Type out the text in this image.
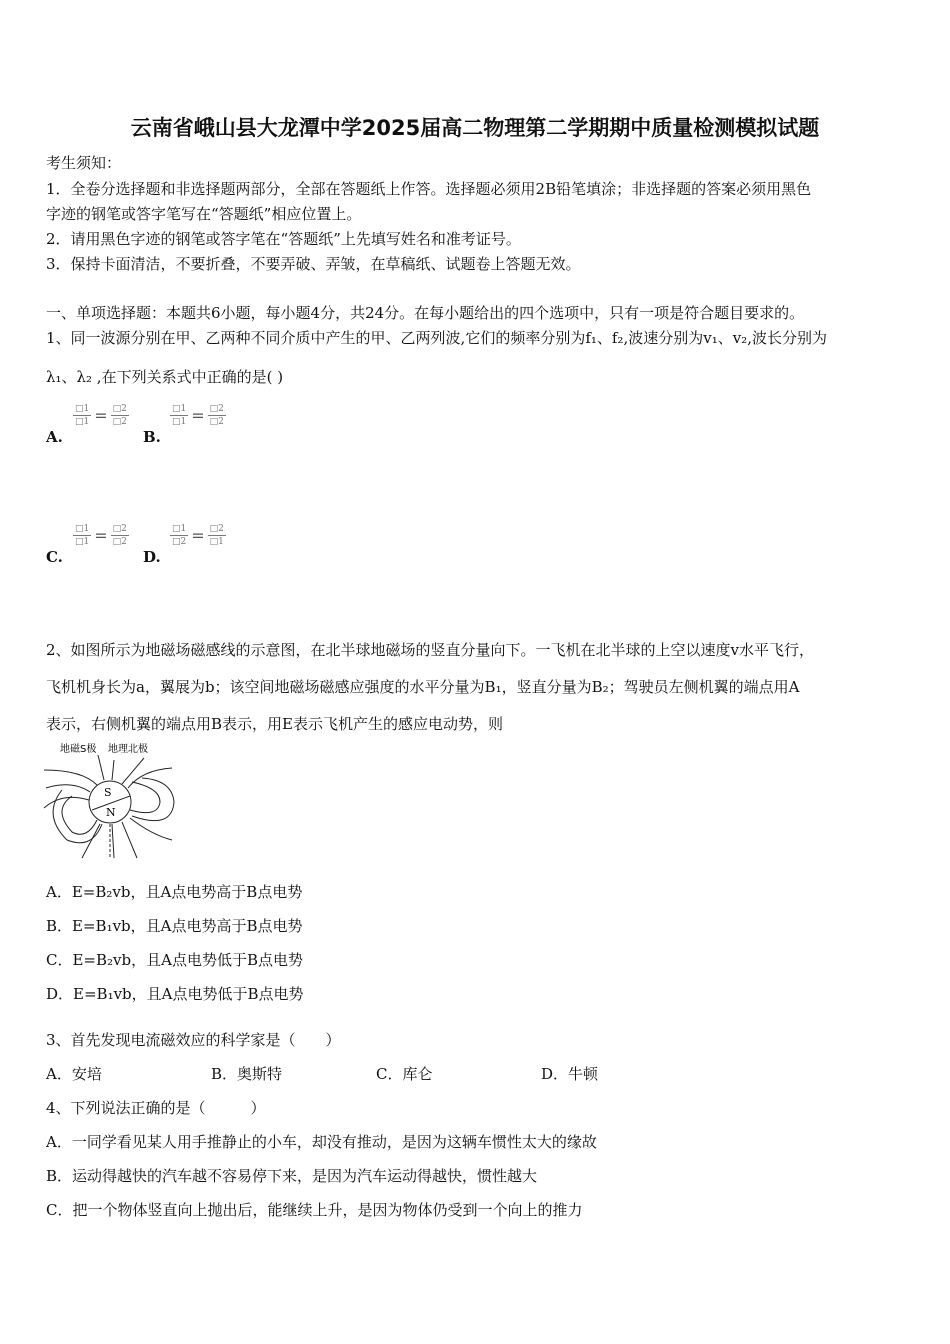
云南省峨山县大龙潭中学2025届高二物理第二学期期中质量检测模拟试题
考生须知：
1．全卷分选择题和非选择题两部分，全部在答题纸上作答。选择题必须用2B铅笔填涂；非选择题的答案必须用黑色
字迹的钢笔或答字笔写在“答题纸”相应位置上。
2．请用黑色字迹的钢笔或答字笔在“答题纸”上先填写姓名和准考证号。
3．保持卡面清洁，不要折叠，不要弄破、弄皱，在草稿纸、试题卷上答题无效。
一、单项选择题：本题共6小题，每小题4分，共24分。在每小题给出的四个选项中，只有一项是符合题目要求的。
1、同一波源分别在甲、乙两种不同介质中产生的甲、乙两列波,它们的频率分别为f₁、f₂,波速分别为v₁、v₂,波长分别为
λ₁、λ₂ ,在下列关系式中正确的是( )
A.
$\frac{□1}{□1} = \frac{□2}{□2}$
B.
$\frac{□1}{□1} = \frac{□2}{□2}$
C.
$\frac{□1}{□1} = \frac{□2}{□2}$
D.
$\frac{□1}{□2} = \frac{□2}{□1}$
2、如图所示为地磁场磁感线的示意图，在北半球地磁场的竖直分量向下。一飞机在北半球的上空以速度v水平飞行，
飞机机身长为a，翼展为b；该空间地磁场磁感应强度的水平分量为B₁，竖直分量为B₂；驾驶员左侧机翼的端点用A
表示，右侧机翼的端点用B表示，用E表示飞机产生的感应电动势，则
地磁S极 地理北极
S
N
A．E=B₂vb，且A点电势高于B点电势
B．E=B₁vb，且A点电势高于B点电势
C．E=B₂vb，且A点电势低于B点电势
D．E=B₁vb，且A点电势低于B点电势
3、首先发现电流磁效应的科学家是（　　）
A．安培	B．奥斯特	C．库仑	D．牛顿
4、下列说法正确的是（　　　）
A．一同学看见某人用手推静止的小车，却没有推动，是因为这辆车惯性太大的缘故
B．运动得越快的汽车越不容易停下来，是因为汽车运动得越快，惯性越大
C．把一个物体竖直向上抛出后，能继续上升，是因为物体仍受到一个向上的推力
